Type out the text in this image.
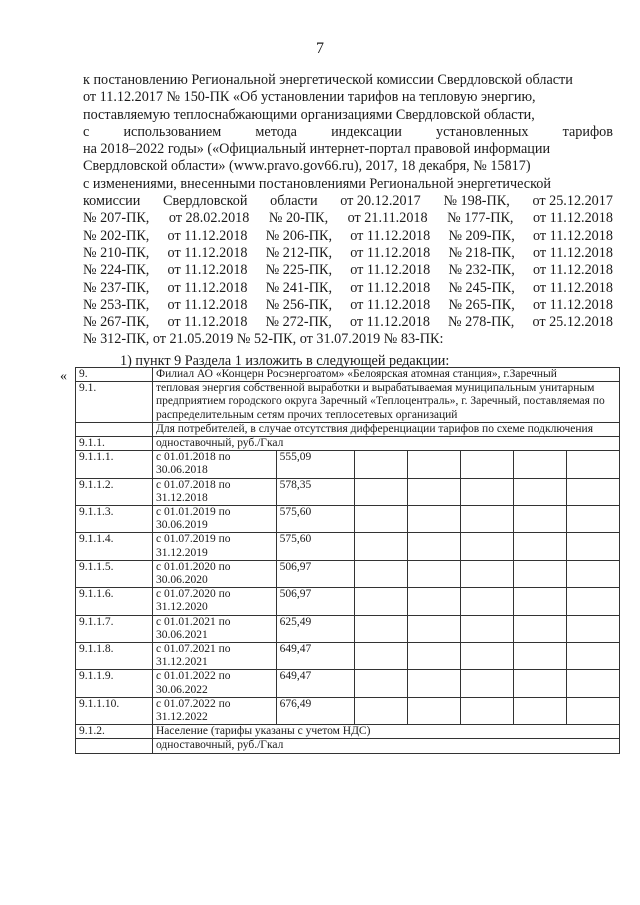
7
к постановлению Региональной энергетической комиссии Свердловской области
от 11.12.2017 № 150-ПК «Об установлении тарифов на тепловую энергию,
поставляемую теплоснабжающими организациями Свердловской области,
с использованием метода индексации установленных тарифов
на 2018–2022 годы» («Официальный интернет-портал правовой информации
Свердловской области» (www.pravo.gov66.ru), 2017, 18 декабря, № 15817)
с изменениями, внесенными постановлениями Региональной энергетической
комиссии Свердловской области от 20.12.2017 № 198-ПК, от 25.12.2017
№ 207-ПК, от 28.02.2018 № 20-ПК, от 21.11.2018 № 177-ПК, от 11.12.2018
№ 202-ПК, от 11.12.2018 № 206-ПК, от 11.12.2018 № 209-ПК, от 11.12.2018
№ 210-ПК, от 11.12.2018 № 212-ПК, от 11.12.2018 № 218-ПК, от 11.12.2018
№ 224-ПК, от 11.12.2018 № 225-ПК, от 11.12.2018 № 232-ПК, от 11.12.2018
№ 237-ПК, от 11.12.2018 № 241-ПК, от 11.12.2018 № 245-ПК, от 11.12.2018
№ 253-ПК, от 11.12.2018 № 256-ПК, от 11.12.2018 № 265-ПК, от 11.12.2018
№ 267-ПК, от 11.12.2018 № 272-ПК, от 11.12.2018 № 278-ПК, от 25.12.2018
№ 312-ПК, от 21.05.2019 № 52-ПК, от 31.07.2019 № 83-ПК:
1) пункт 9 Раздела 1 изложить в следующей редакции:
« 9.	Филиал АО «Концерн Росэнергоатом» «Белоярская атомная станция», г.Заречный						
9.1.	тепловая энергия собственной выработки и вырабатываемая муниципальным унитарным предприятием городского округа Заречный «Теплоцентраль», г. Заречный, поставляемая по распределительным сетям прочих теплосетевых организаций						
	Для потребителей, в случае отсутствия дифференциации тарифов по схеме подключения						
9.1.1.	одноставочный, руб./Гкал						
9.1.1.1.	с 01.01.2018 по 30.06.2018	555,09					
9.1.1.2.	с 01.07.2018 по 31.12.2018	578,35					
9.1.1.3.	с 01.01.2019 по 30.06.2019	575,60					
9.1.1.4.	с 01.07.2019 по 31.12.2019	575,60					
9.1.1.5.	с 01.01.2020 по 30.06.2020	506,97					
9.1.1.6.	с 01.07.2020 по 31.12.2020	506,97					
9.1.1.7.	с 01.01.2021 по 30.06.2021	625,49					
9.1.1.8.	с 01.07.2021 по 31.12.2021	649,47					
9.1.1.9.	с 01.01.2022 по 30.06.2022	649,47					
9.1.1.10.	с 01.07.2022 по 31.12.2022	676,49					
9.1.2.	Население (тарифы указаны с учетом НДС)						
	одноставочный, руб./Гкал						
